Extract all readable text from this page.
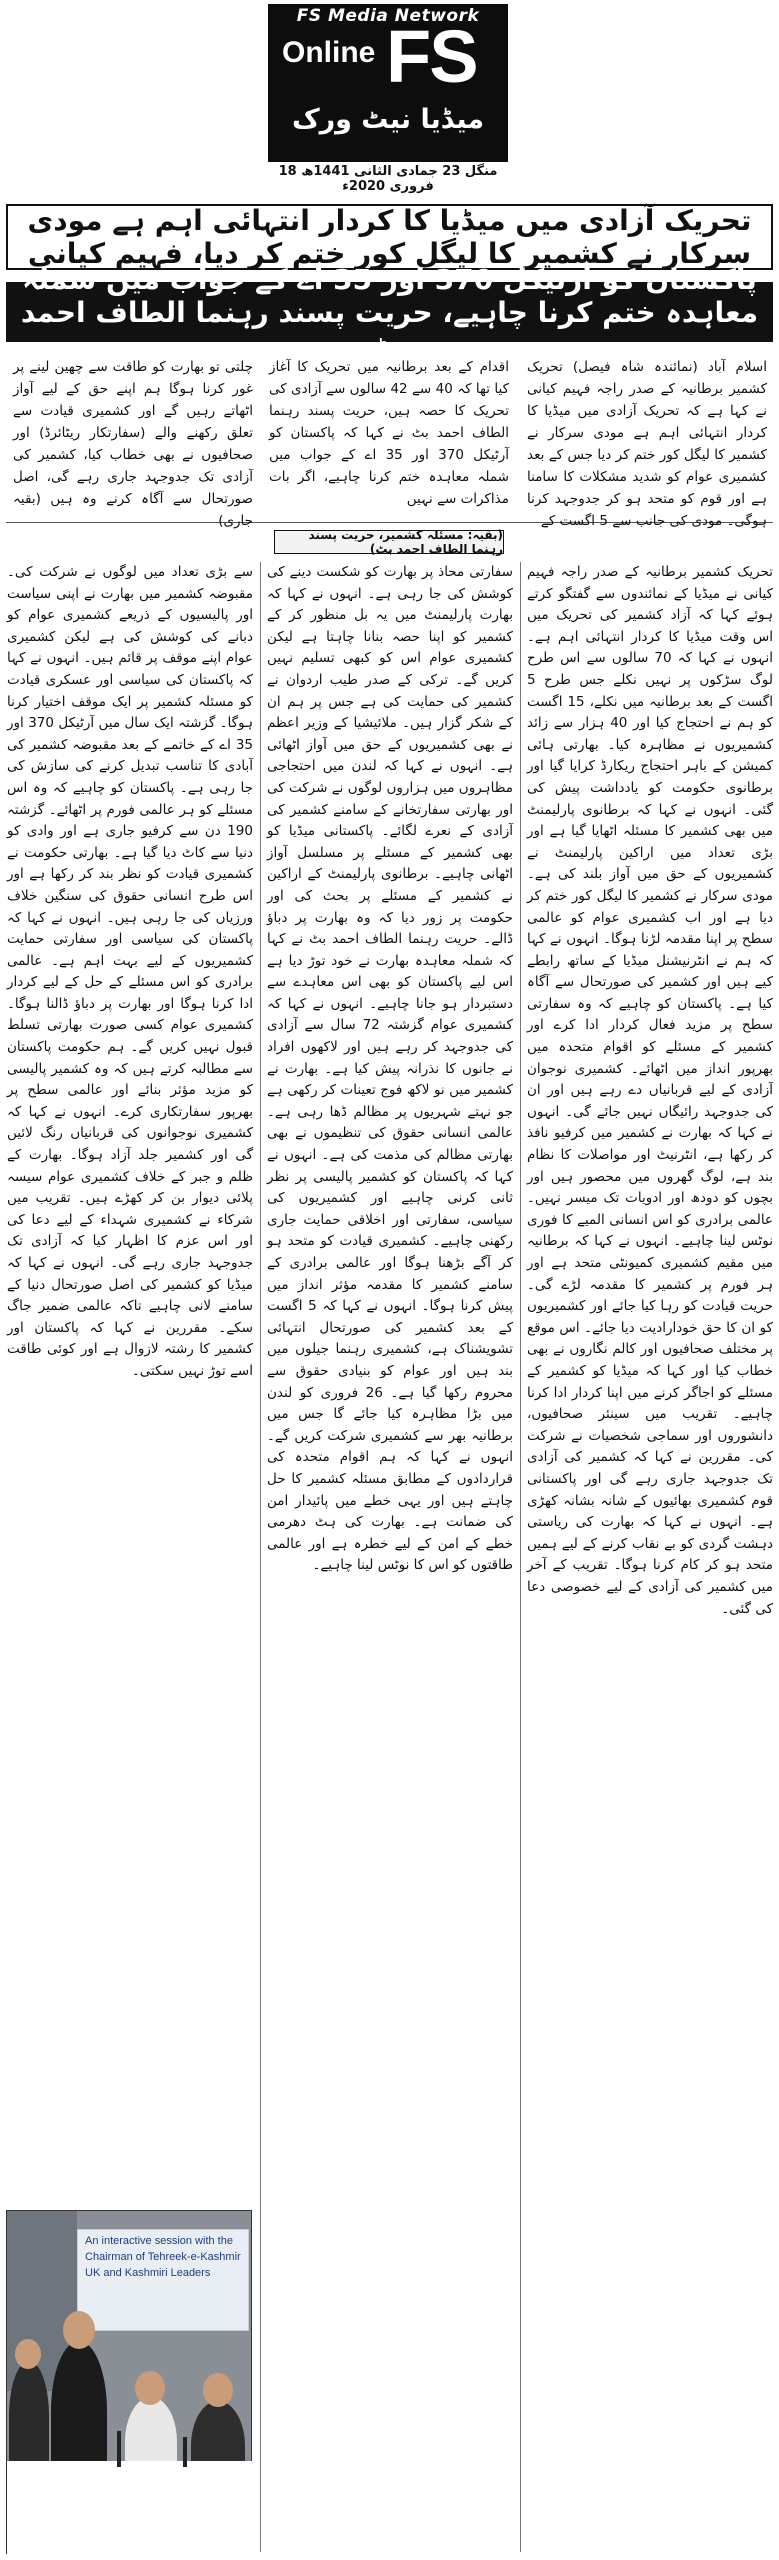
FS Media Network
Online FS
میڈیا نیٹ ورک
منگل 23 جمادی الثانی 1441ھ 18 فروری 2020ء
تحریک آزادی میں میڈیا کا کردار انتہائی اہم ہے مودی سرکار نے کشمیر کا لیگل کور ختم کر دیا، فہیم کیانی
پاکستان کو آرٹیکل 370 اور 35 اے کے جواب میں شملہ معاہدہ ختم کرنا چاہیے، حریت پسند رہنما الطاف احمد بٹ
اسلام آباد (نمائندہ شاہ فیصل) تحریک کشمیر برطانیہ کے صدر راجہ فہیم کیانی نے کہا ہے کہ تحریک آزادی میں میڈیا کا کردار انتہائی اہم ہے مودی سرکار نے کشمیر کا لیگل کور ختم کر دیا جس کے بعد کشمیری عوام کو شدید مشکلات کا سامنا ہے اور قوم کو متحد ہو کر جدوجہد کرنا ہوگی۔ مودی کی جانب سے 5 اگست کے
اقدام کے بعد برطانیہ میں تحریک کا آغاز کیا تھا کہ 40 سے 42 سالوں سے آزادی کی تحریک کا حصہ ہیں، حریت پسند رہنما الطاف احمد بٹ نے کہا کہ پاکستان کو آرٹیکل 370 اور 35 اے کے جواب میں شملہ معاہدہ ختم کرنا چاہیے، اگر بات مذاکرات سے نہیں
چلتی تو بھارت کو طاقت سے چھین لینے پر غور کرنا ہوگا ہم اپنے حق کے لیے آواز اٹھاتے رہیں گے اور کشمیری قیادت سے تعلق رکھنے والے (سفارتکار ریٹائرڈ) اور صحافیوں نے بھی خطاب کیا، کشمیر کی آزادی تک جدوجہد جاری رہے گی، اصل صورتحال سے آگاہ کرنے وہ ہیں (بقیہ جاری)
(بقیہ: مسئلہ کشمیر، حریت پسند رہنما الطاف احمد بٹ)
تحریک کشمیر برطانیہ کے صدر راجہ فہیم کیانی نے میڈیا کے نمائندوں سے گفتگو کرتے ہوئے کہا کہ آزاد کشمیر کی تحریک میں اس وقت میڈیا کا کردار انتہائی اہم ہے۔ انہوں نے کہا کہ 70 سالوں سے اس طرح لوگ سڑکوں پر نہیں نکلے جس طرح 5 اگست کے بعد برطانیہ میں نکلے، 15 اگست کو ہم نے احتجاج کیا اور 40 ہزار سے زائد کشمیریوں نے مظاہرہ کیا۔ بھارتی ہائی کمیشن کے باہر احتجاج ریکارڈ کرایا گیا اور برطانوی حکومت کو یادداشت پیش کی گئی۔ انہوں نے کہا کہ برطانوی پارلیمنٹ میں بھی کشمیر کا مسئلہ اٹھایا گیا ہے اور بڑی تعداد میں اراکین پارلیمنٹ نے کشمیریوں کے حق میں آواز بلند کی ہے۔ مودی سرکار نے کشمیر کا لیگل کور ختم کر دیا ہے اور اب کشمیری عوام کو عالمی سطح پر اپنا مقدمہ لڑنا ہوگا۔ انہوں نے کہا کہ ہم نے انٹرنیشنل میڈیا کے ساتھ رابطے کیے ہیں اور کشمیر کی صورتحال سے آگاہ کیا ہے۔ پاکستان کو چاہیے کہ وہ سفارتی سطح پر مزید فعال کردار ادا کرے اور کشمیر کے مسئلے کو اقوام متحدہ میں بھرپور انداز میں اٹھائے۔ کشمیری نوجوان آزادی کے لیے قربانیاں دے رہے ہیں اور ان کی جدوجہد رائیگاں نہیں جائے گی۔ انہوں نے کہا کہ بھارت نے کشمیر میں کرفیو نافذ کر رکھا ہے، انٹرنیٹ اور مواصلات کا نظام بند ہے، لوگ گھروں میں محصور ہیں اور بچوں کو دودھ اور ادویات تک میسر نہیں۔ عالمی برادری کو اس انسانی المیے کا فوری نوٹس لینا چاہیے۔ انہوں نے کہا کہ برطانیہ میں مقیم کشمیری کمیونٹی متحد ہے اور ہر فورم پر کشمیر کا مقدمہ لڑے گی۔ حریت قیادت کو رہا کیا جائے اور کشمیریوں کو ان کا حق خودارادیت دیا جائے۔ اس موقع پر مختلف صحافیوں اور کالم نگاروں نے بھی خطاب کیا اور کہا کہ میڈیا کو کشمیر کے مسئلے کو اجاگر کرنے میں اپنا کردار ادا کرنا چاہیے۔ تقریب میں سینئر صحافیوں، دانشوروں اور سماجی شخصیات نے شرکت کی۔ مقررین نے کہا کہ کشمیر کی آزادی تک جدوجہد جاری رہے گی اور پاکستانی قوم کشمیری بھائیوں کے شانہ بشانہ کھڑی ہے۔ انہوں نے کہا کہ بھارت کی ریاستی دہشت گردی کو بے نقاب کرنے کے لیے ہمیں متحد ہو کر کام کرنا ہوگا۔ تقریب کے آخر میں کشمیر کی آزادی کے لیے خصوصی دعا کی گئی۔
سفارتی محاذ پر بھارت کو شکست دینے کی کوشش کی جا رہی ہے۔ انہوں نے کہا کہ بھارت پارلیمنٹ میں یہ بل منظور کر کے کشمیر کو اپنا حصہ بنانا چاہتا ہے لیکن کشمیری عوام اس کو کبھی تسلیم نہیں کریں گے۔ ترکی کے صدر طیب اردوان نے کشمیر کی حمایت کی ہے جس پر ہم ان کے شکر گزار ہیں۔ ملائیشیا کے وزیر اعظم نے بھی کشمیریوں کے حق میں آواز اٹھائی ہے۔ انہوں نے کہا کہ لندن میں احتجاجی مظاہروں میں ہزاروں لوگوں نے شرکت کی اور بھارتی سفارتخانے کے سامنے کشمیر کی آزادی کے نعرے لگائے۔ پاکستانی میڈیا کو بھی کشمیر کے مسئلے پر مسلسل آواز اٹھانی چاہیے۔ برطانوی پارلیمنٹ کے اراکین نے کشمیر کے مسئلے پر بحث کی اور حکومت پر زور دیا کہ وہ بھارت پر دباؤ ڈالے۔ حریت رہنما الطاف احمد بٹ نے کہا کہ شملہ معاہدہ بھارت نے خود توڑ دیا ہے اس لیے پاکستان کو بھی اس معاہدے سے دستبردار ہو جانا چاہیے۔ انہوں نے کہا کہ کشمیری عوام گزشتہ 72 سال سے آزادی کی جدوجہد کر رہے ہیں اور لاکھوں افراد نے جانوں کا نذرانہ پیش کیا ہے۔ بھارت نے کشمیر میں نو لاکھ فوج تعینات کر رکھی ہے جو نہتے شہریوں پر مظالم ڈھا رہی ہے۔ عالمی انسانی حقوق کی تنظیموں نے بھی بھارتی مظالم کی مذمت کی ہے۔ انہوں نے کہا کہ پاکستان کو کشمیر پالیسی پر نظر ثانی کرنی چاہیے اور کشمیریوں کی سیاسی، سفارتی اور اخلاقی حمایت جاری رکھنی چاہیے۔ کشمیری قیادت کو متحد ہو کر آگے بڑھنا ہوگا اور عالمی برادری کے سامنے کشمیر کا مقدمہ مؤثر انداز میں پیش کرنا ہوگا۔ انہوں نے کہا کہ 5 اگست کے بعد کشمیر کی صورتحال انتہائی تشویشناک ہے، کشمیری رہنما جیلوں میں بند ہیں اور عوام کو بنیادی حقوق سے محروم رکھا گیا ہے۔ 26 فروری کو لندن میں بڑا مظاہرہ کیا جائے گا جس میں برطانیہ بھر سے کشمیری شرکت کریں گے۔ انہوں نے کہا کہ ہم اقوام متحدہ کی قراردادوں کے مطابق مسئلہ کشمیر کا حل چاہتے ہیں اور یہی خطے میں پائیدار امن کی ضمانت ہے۔ بھارت کی ہٹ دھرمی خطے کے امن کے لیے خطرہ ہے اور عالمی طاقتوں کو اس کا نوٹس لینا چاہیے۔
سے بڑی تعداد میں لوگوں نے شرکت کی۔ مقبوضہ کشمیر میں بھارت نے اپنی سیاست اور پالیسیوں کے ذریعے کشمیری عوام کو دبانے کی کوشش کی ہے لیکن کشمیری عوام اپنے موقف پر قائم ہیں۔ انہوں نے کہا کہ پاکستان کی سیاسی اور عسکری قیادت کو مسئلہ کشمیر پر ایک موقف اختیار کرنا ہوگا۔ گزشتہ ایک سال میں آرٹیکل 370 اور 35 اے کے خاتمے کے بعد مقبوضہ کشمیر کی آبادی کا تناسب تبدیل کرنے کی سازش کی جا رہی ہے۔ پاکستان کو چاہیے کہ وہ اس مسئلے کو ہر عالمی فورم پر اٹھائے۔ گزشتہ 190 دن سے کرفیو جاری ہے اور وادی کو دنیا سے کاٹ دیا گیا ہے۔ بھارتی حکومت نے کشمیری قیادت کو نظر بند کر رکھا ہے اور اس طرح انسانی حقوق کی سنگین خلاف ورزیاں کی جا رہی ہیں۔ انہوں نے کہا کہ پاکستان کی سیاسی اور سفارتی حمایت کشمیریوں کے لیے بہت اہم ہے۔ عالمی برادری کو اس مسئلے کے حل کے لیے کردار ادا کرنا ہوگا اور بھارت پر دباؤ ڈالنا ہوگا۔ کشمیری عوام کسی صورت بھارتی تسلط قبول نہیں کریں گے۔ ہم حکومت پاکستان سے مطالبہ کرتے ہیں کہ وہ کشمیر پالیسی کو مزید مؤثر بنائے اور عالمی سطح پر بھرپور سفارتکاری کرے۔ انہوں نے کہا کہ کشمیری نوجوانوں کی قربانیاں رنگ لائیں گی اور کشمیر جلد آزاد ہوگا۔ بھارت کے ظلم و جبر کے خلاف کشمیری عوام سیسہ پلائی دیوار بن کر کھڑے ہیں۔ تقریب میں شرکاء نے کشمیری شہداء کے لیے دعا کی اور اس عزم کا اظہار کیا کہ آزادی تک جدوجہد جاری رہے گی۔ انہوں نے کہا کہ میڈیا کو کشمیر کی اصل صورتحال دنیا کے سامنے لانی چاہیے تاکہ عالمی ضمیر جاگ سکے۔ مقررین نے کہا کہ پاکستان اور کشمیر کا رشتہ لازوال ہے اور کوئی طاقت اسے توڑ نہیں سکتی۔
An interactive session with the Chairman of Tehreek-e-Kashmir UK and Kashmiri Leaders
